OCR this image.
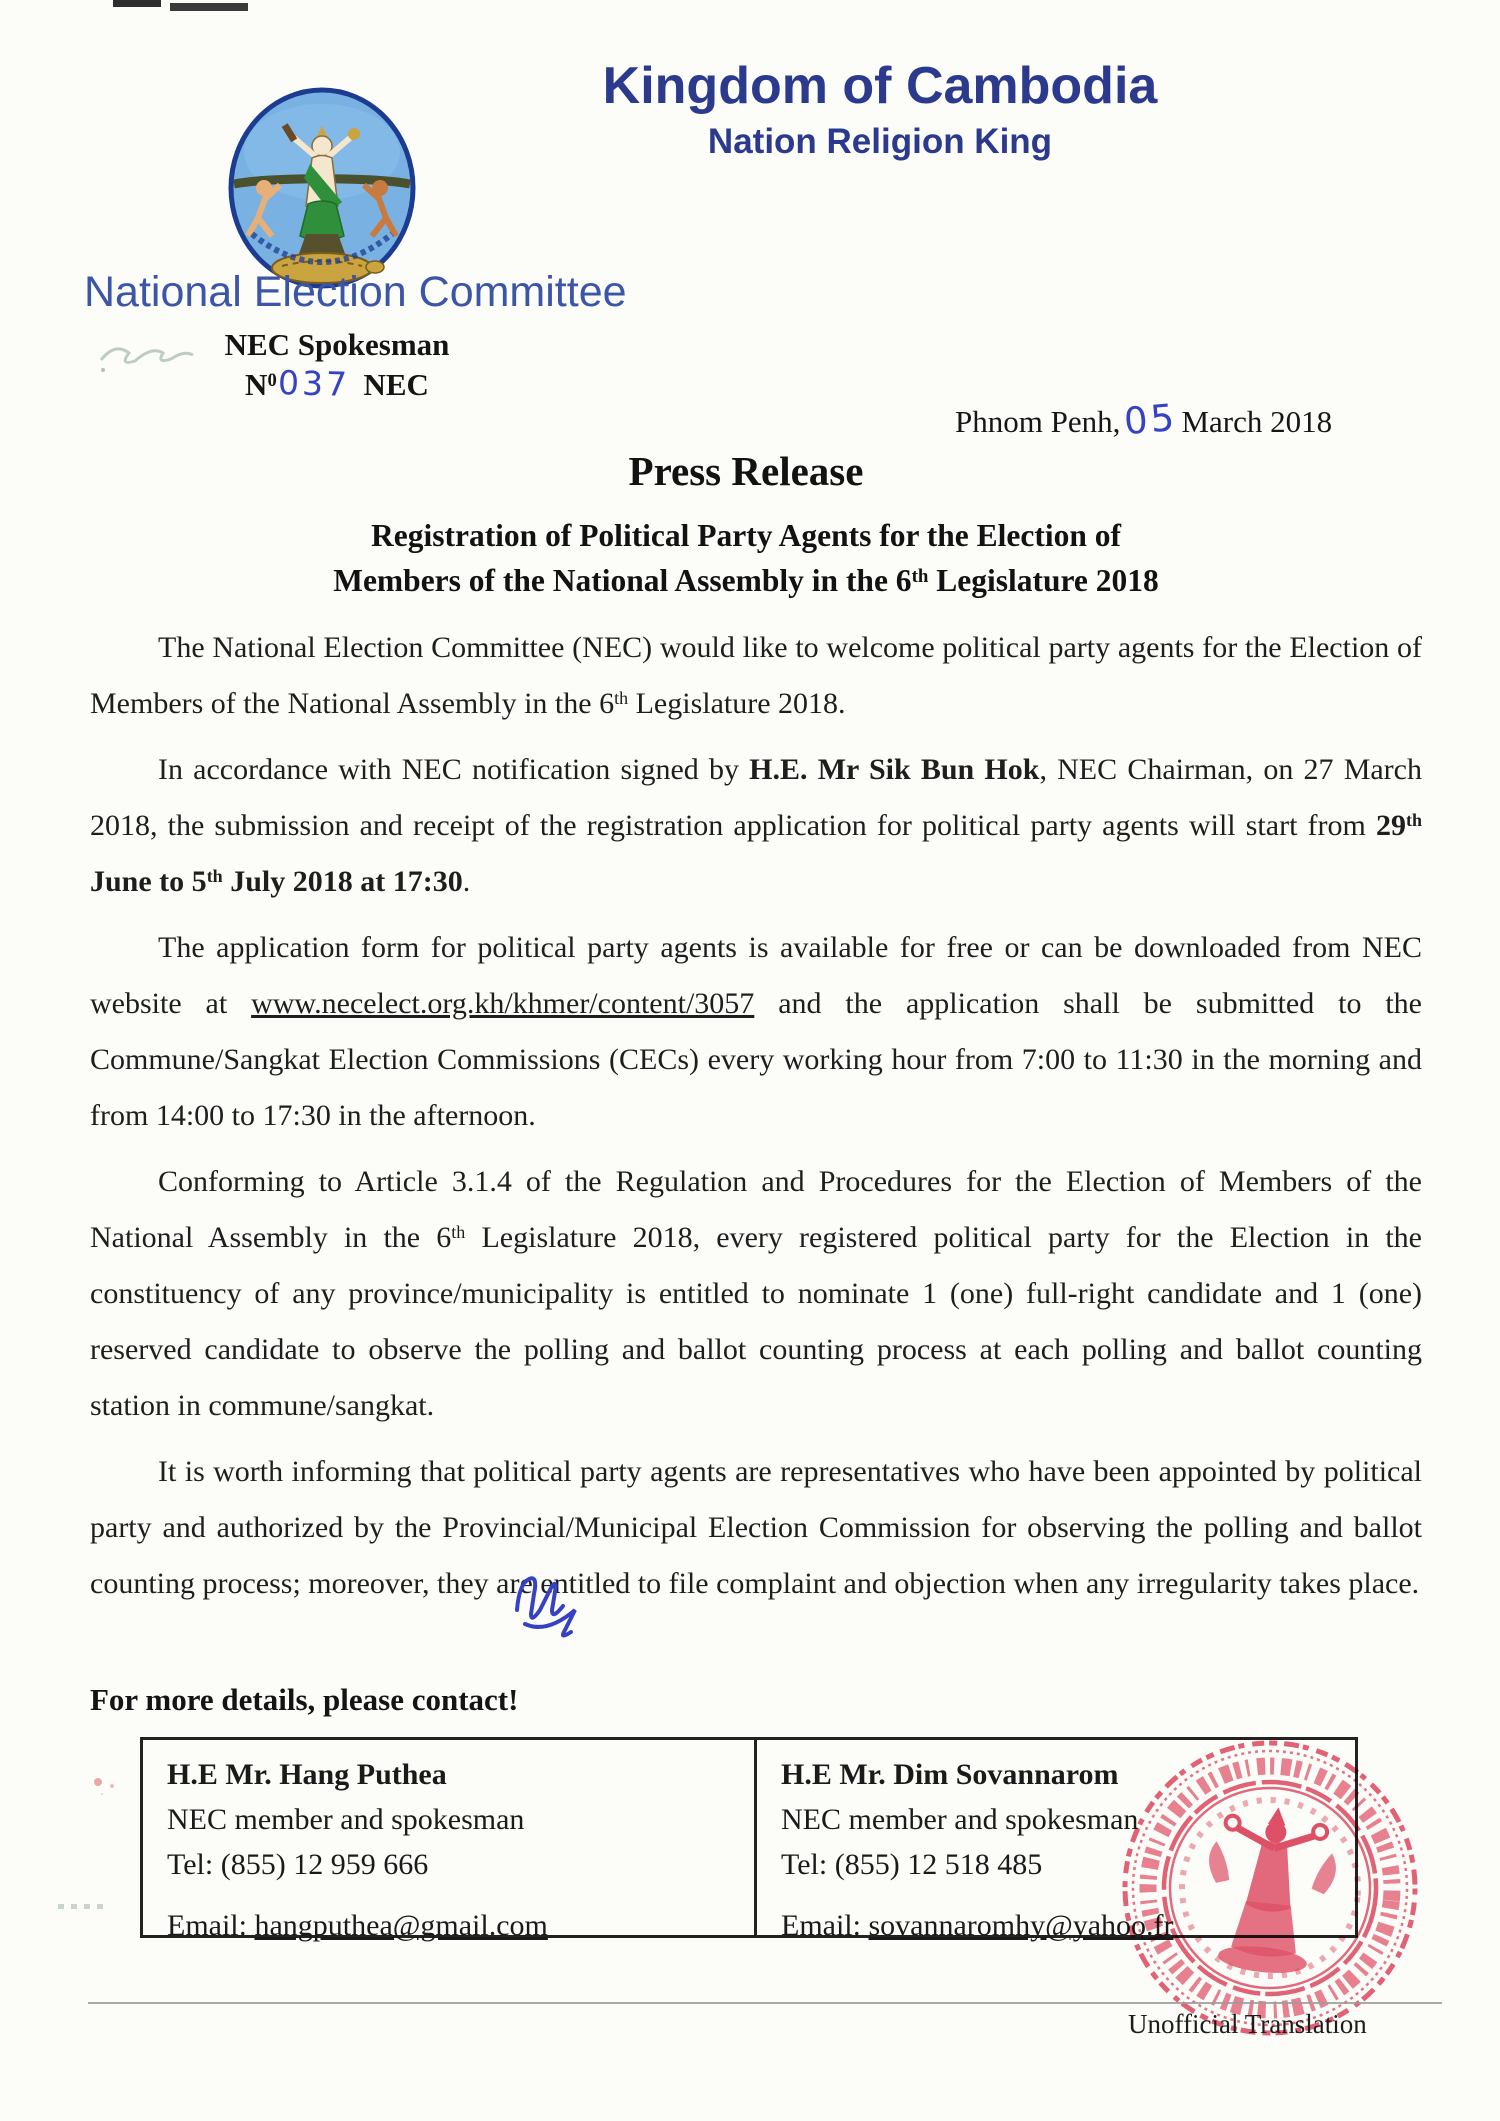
Kingdom of Cambodia
Nation Religion King
National Election Committee
NEC Spokesman
$N^0037$ NEC
Phnom Penh,05March 2018
Press Release
Registration of Political Party Agents for the Election of
Members of the National Assembly in the 6th Legislature 2018

The National Election Committee (NEC) would like to welcome political party agents for the Election of Members of the National Assembly in the 6th Legislature 2018.

In accordance with NEC notification signed by H.E. Mr Sik Bun Hok, NEC Chairman, on 27 March 2018, the submission and receipt of the registration application for political party agents will start from 29th June to 5th July 2018 at 17:30.

The application form for political party agents is available for free or can be downloaded from NEC website at www.necelect.org.kh/khmer/content/3057 and the application shall be submitted to the Commune/Sangkat Election Commissions (CECs) every working hour from 7:00 to 11:30 in the morning and from 14:00 to 17:30 in the afternoon.

Conforming to Article 3.1.4 of the Regulation and Procedures for the Election of Members of the National Assembly in the 6th Legislature 2018, every registered political party for the Election in the constituency of any province/municipality is entitled to nominate 1 (one) full-right candidate and 1 (one) reserved candidate to observe the polling and ballot counting process at each polling and ballot counting station in commune/sangkat.

It is worth informing that political party agents are representatives who have been appointed by political party and authorized by the Provincial/Municipal Election Commission for observing the polling and ballot counting process; moreover, they are entitled to file complaint and objection when any irregularity takes place.

For more details, please contact!
H.E Mr. Hang Puthea
NEC member and spokesman
Tel: (855) 12 959 666
Email: hangputhea@gmail.com
H.E Mr. Dim Sovannarom
NEC member and spokesman
Tel: (855) 12 518 485
Email: sovannaromhy@yahoo.fr
Unofficial Translation
